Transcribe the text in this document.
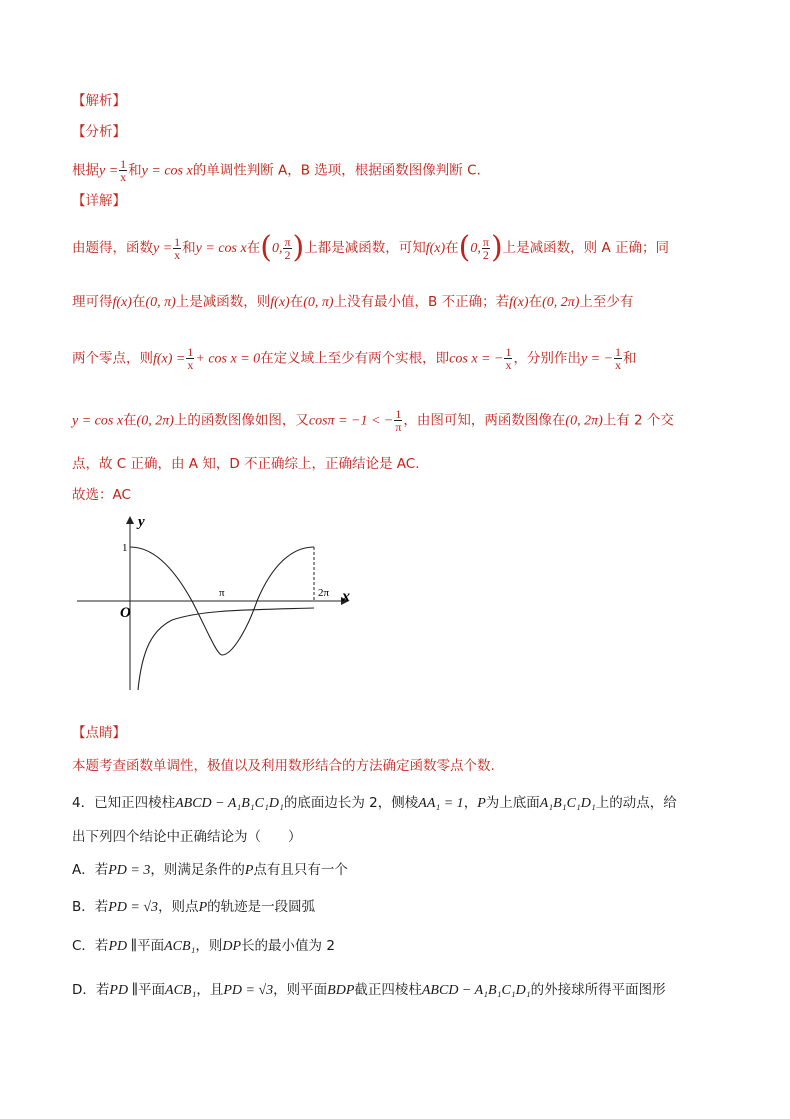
【解析】
【分析】
根据$y = \frac{1}{x}$ 和y = cos x的单调性判断 A，B 选项，根据函数图像判断 C.
【详解】
由题得，函数$y = \frac{1}{x}$ 和y = cos x在(0, $\frac{\pi}{2}$ )上都是减函数，可知f(x)在(0, $\frac{\pi}{2}$ )上是减函数，则 A 正确；同
理可得f(x)在(0, π)上是减函数，则f(x)在(0, π)上没有最小值，B 不正确；若f(x)在(0, 2π)上至少有
两个零点，则$f(x) = \frac{1}{x} + \cos x = 0$在定义域上至少有两个实根，即cos x = − $\frac{1}{x}$ ，分别作出y = − $\frac{1}{x}$ 和
y = cos x在(0, 2π)上的函数图像如图，又cosπ = −1 < − $\frac{1}{\pi}$ ，由图可知，两函数图像在(0, 2π)上有 2 个交
点，故 C 正确，由 A 知，D 不正确综上，正确结论是 AC.
故选：AC
1
O
y
x
π	2π
【点睛】
本题考查函数单调性，极值以及利用数形结合的方法确定函数零点个数.
4．已知正四棱柱ABCD − A₁B₁C₁D₁的底面边长为 2，侧棱AA₁ = 1，P为上底面A₁B₁C₁D₁上的动点，给
出下列四个结论中正确结论为（　　）
A．若PD = 3，则满足条件的P点有且只有一个
B．若PD = √3，则点P的轨迹是一段圆弧
C．若PD ∥平面ACB₁，则DP长的最小值为 2
D．若PD ∥平面ACB₁，且PD = √3，则平面BDP截正四棱柱ABCD − A₁B₁C₁D₁的外接球所得平面图形
